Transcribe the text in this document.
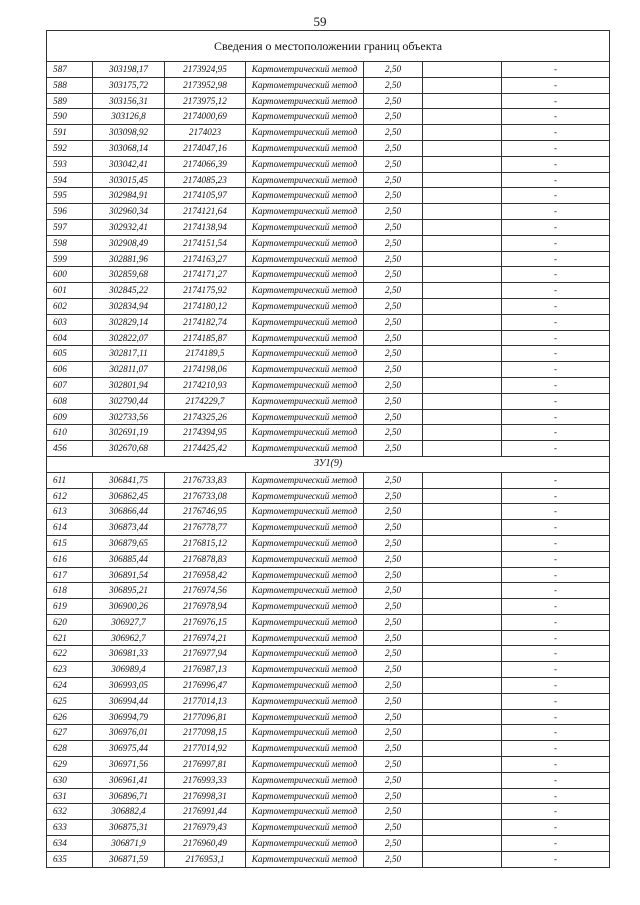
59
Сведения о местоположении границ объекта						
587	303198,17	2173924,95	Картометрический метод	2,50		-
588	303175,72	2173952,98	Картометрический метод	2,50		-
589	303156,31	2173975,12	Картометрический метод	2,50		-
590	303126,8	2174000,69	Картометрический метод	2,50		-
591	303098,92	2174023	Картометрический метод	2,50		-
592	303068,14	2174047,16	Картометрический метод	2,50		-
593	303042,41	2174066,39	Картометрический метод	2,50		-
594	303015,45	2174085,23	Картометрический метод	2,50		-
595	302984,91	2174105,97	Картометрический метод	2,50		-
596	302960,34	2174121,64	Картометрический метод	2,50		-
597	302932,41	2174138,94	Картометрический метод	2,50		-
598	302908,49	2174151,54	Картометрический метод	2,50		-
599	302881,96	2174163,27	Картометрический метод	2,50		-
600	302859,68	2174171,27	Картометрический метод	2,50		-
601	302845,22	2174175,92	Картометрический метод	2,50		-
602	302834,94	2174180,12	Картометрический метод	2,50		-
603	302829,14	2174182,74	Картометрический метод	2,50		-
604	302822,07	2174185,87	Картометрический метод	2,50		-
605	302817,11	2174189,5	Картометрический метод	2,50		-
606	302811,07	2174198,06	Картометрический метод	2,50		-
607	302801,94	2174210,93	Картометрический метод	2,50		-
608	302790,44	2174229,7	Картометрический метод	2,50		-
609	302733,56	2174325,26	Картометрический метод	2,50		-
610	302691,19	2174394,95	Картометрический метод	2,50		-
456	302670,68	2174425,42	Картометрический метод	2,50		-
ЗУ1(9)						
611	306841,75	2176733,83	Картометрический метод	2,50		-
612	306862,45	2176733,08	Картометрический метод	2,50		-
613	306866,44	2176746,95	Картометрический метод	2,50		-
614	306873,44	2176778,77	Картометрический метод	2,50		-
615	306879,65	2176815,12	Картометрический метод	2,50		-
616	306885,44	2176878,83	Картометрический метод	2,50		-
617	306891,54	2176958,42	Картометрический метод	2,50		-
618	306895,21	2176974,56	Картометрический метод	2,50		-
619	306900,26	2176978,94	Картометрический метод	2,50		-
620	306927,7	2176976,15	Картометрический метод	2,50		-
621	306962,7	2176974,21	Картометрический метод	2,50		-
622	306981,33	2176977,94	Картометрический метод	2,50		-
623	306989,4	2176987,13	Картометрический метод	2,50		-
624	306993,05	2176996,47	Картометрический метод	2,50		-
625	306994,44	2177014,13	Картометрический метод	2,50		-
626	306994,79	2177096,81	Картометрический метод	2,50		-
627	306976,01	2177098,15	Картометрический метод	2,50		-
628	306975,44	2177014,92	Картометрический метод	2,50		-
629	306971,56	2176997,81	Картометрический метод	2,50		-
630	306961,41	2176993,33	Картометрический метод	2,50		-
631	306896,71	2176998,31	Картометрический метод	2,50		-
632	306882,4	2176991,44	Картометрический метод	2,50		-
633	306875,31	2176979,43	Картометрический метод	2,50		-
634	306871,9	2176960,49	Картометрический метод	2,50		-
635	306871,59	2176953,1	Картометрический метод	2,50		-
